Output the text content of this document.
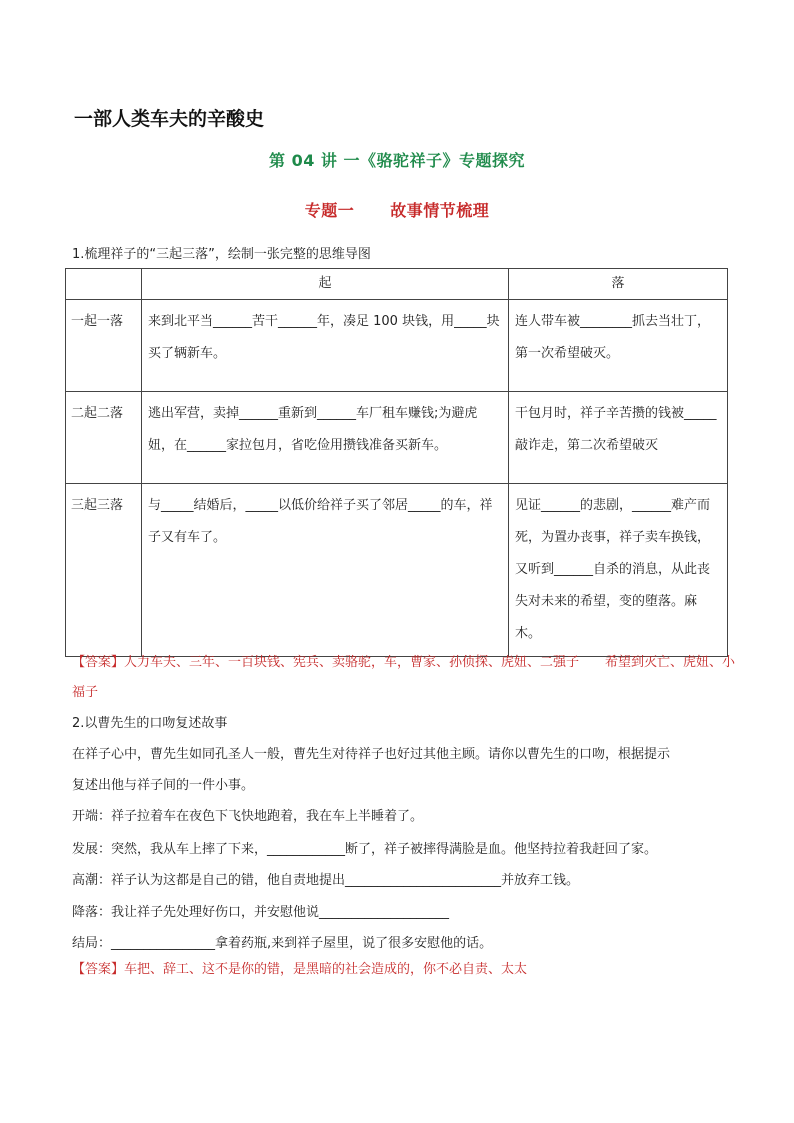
一部人类车夫的辛酸史
第 04 讲 一《骆驼祥子》专题探究
专题一 故事情节梳理
1.梳理祥子的“三起三落”，绘制一张完整的思维导图
	起	落
一起一落	来到北平当______苦干______年，凑足 100 块钱，用_____块买了辆新车。	连人带车被________抓去当壮丁，第一次希望破灭。
二起二落	逃出军营，卖掉______重新到______车厂租车赚钱;为避虎妞，在______家拉包月，省吃俭用攒钱准备买新车。	干包月时，祥子辛苦攒的钱被_____敲诈走，第二次希望破灭
三起三落	与_____结婚后，_____以低价给祥子买了邻居_____的车，祥子又有车了。	见证______的悲剧，______难产而死，为置办丧事，祥子卖车换钱，又听到______自杀的消息，从此丧失对未来的希望，变的堕落。麻木。
【答案】人力车夫、三年、一百块钱、宪兵、卖骆驼，车，曹家、孙侦探、虎妞、二强子　　希望到灭亡、虎妞、小福子
2.以曹先生的口吻复述故事
在祥子心中，曹先生如同孔圣人一般，曹先生对待祥子也好过其他主顾。请你以曹先生的口吻，根据提示
复述出他与祥子间的一件小事。
开端：祥子拉着车在夜色下飞快地跑着，我在车上半睡着了。
发展：突然，我从车上摔了下来，____________断了，祥子被摔得满脸是血。他坚持拉着我赶回了家。
高潮：祥子认为这都是自己的错，他自责地提出________________________并放弃工钱。
降落：我让祥子先处理好伤口，并安慰他说____________________
结局：________________拿着药瓶,来到祥子屋里，说了很多安慰他的话。
【答案】车把、辞工、这不是你的错，是黑暗的社会造成的，你不必自责、太太
